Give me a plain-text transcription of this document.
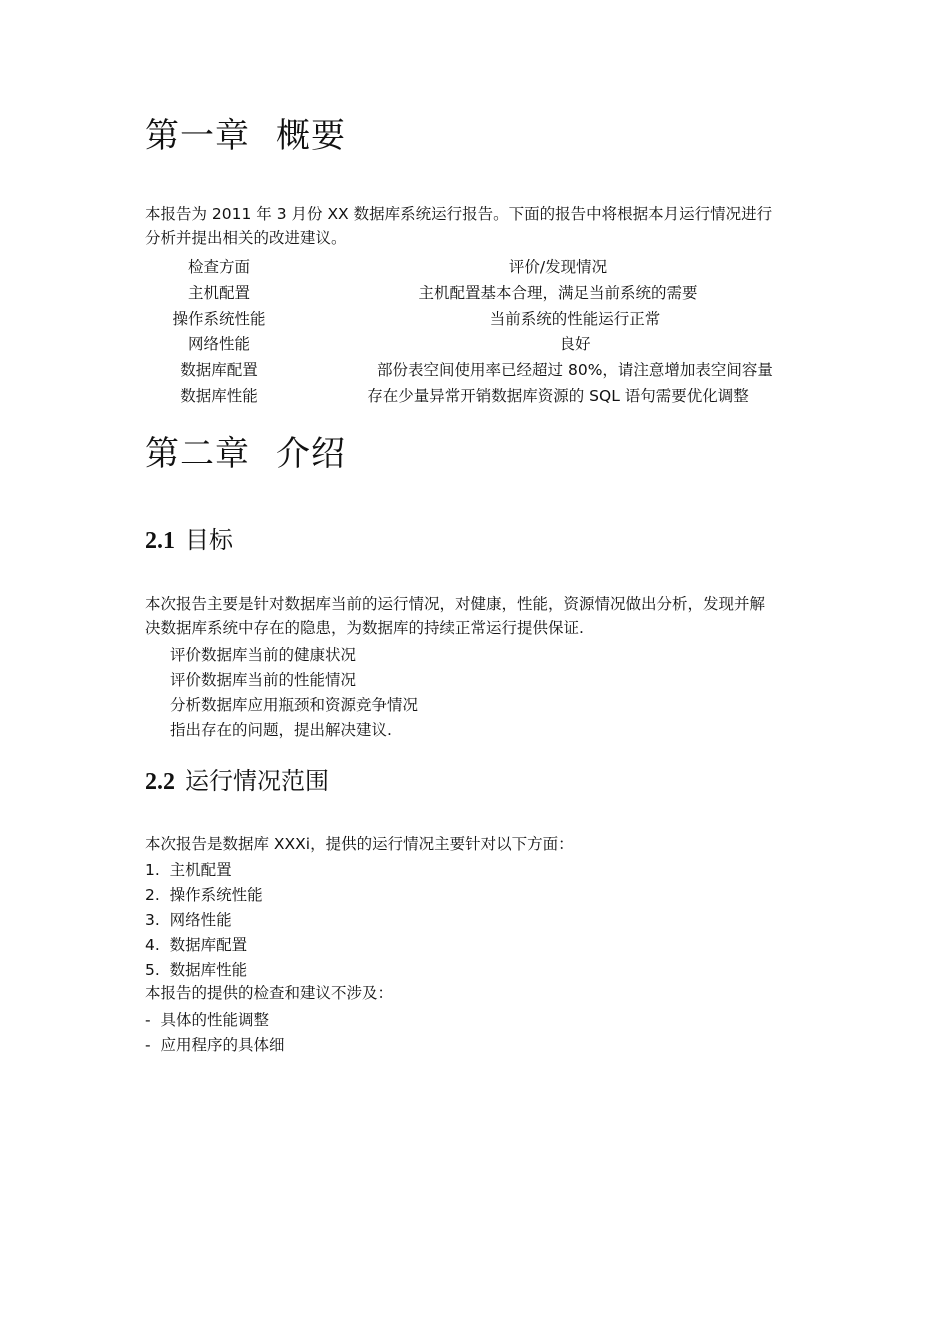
第一章 概要
本报告为 2011 年 3 月份 XX 数据库系统运行报告。下面的报告中将根据本月运行情况进行
分析并提出相关的改进建议。
检查方面	评价/发现情况
主机配置	主机配置基本合理，满足当前系统的需要
操作系统性能	当前系统的性能运行正常
网络性能	良好
数据库配置	部份表空间使用率已经超过 80%，请注意增加表空间容量
数据库性能	存在少量异常开销数据库资源的 SQL 语句需要优化调整
第二章 介绍
2.1 目标
本次报告主要是针对数据库当前的运行情况，对健康，性能，资源情况做出分析，发现并解
决数据库系统中存在的隐患，为数据库的持续正常运行提供保证.
评价数据库当前的健康状况
评价数据库当前的性能情况
分析数据库应用瓶颈和资源竞争情况
指出存在的问题，提出解决建议.
2.2 运行情况范围
本次报告是数据库 XXXi，提供的运行情况主要针对以下方面：
1. 主机配置
2. 操作系统性能
3. 网络性能
4. 数据库配置
5. 数据库性能
本报告的提供的检查和建议不涉及：
- 具体的性能调整
- 应用程序的具体细
